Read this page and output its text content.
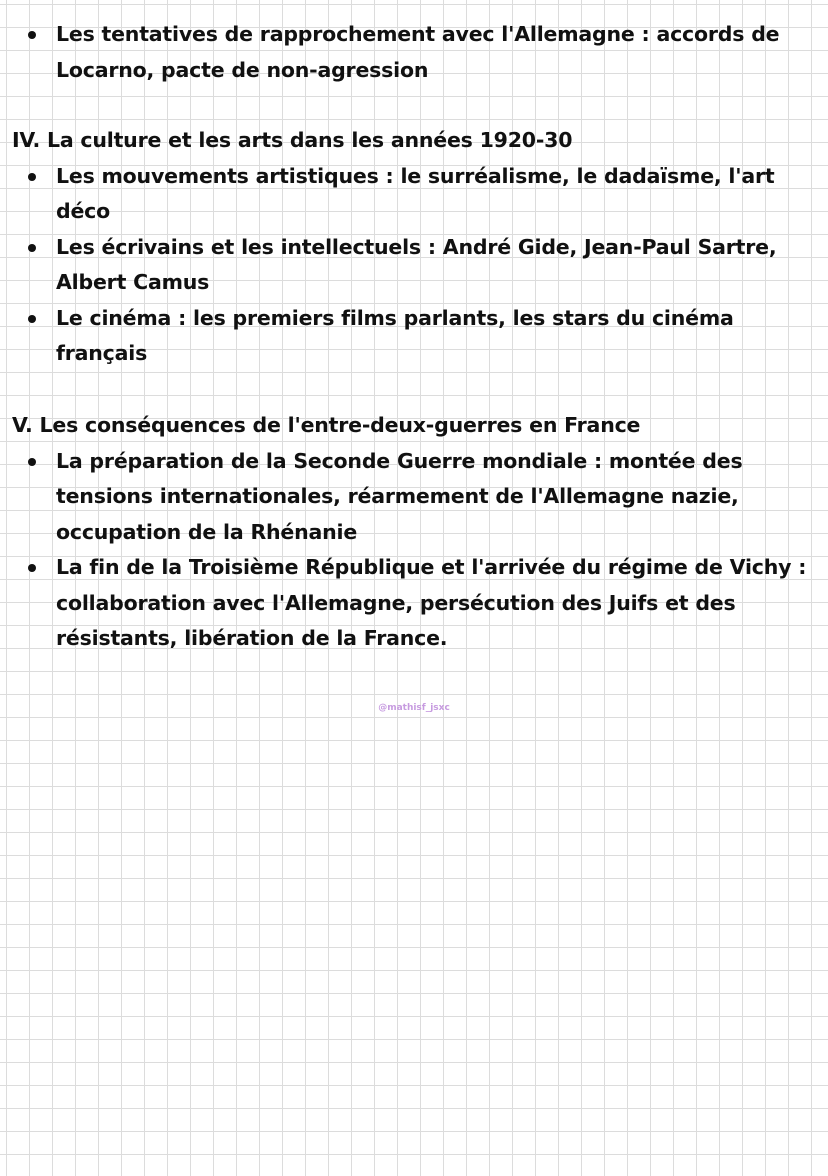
Les tentatives de rapprochement avec l'Allemagne : accords de Locarno, pacte de non-agression
IV. La culture et les arts dans les années 1920-30
Les mouvements artistiques : le surréalisme, le dadaïsme, l'art déco
Les écrivains et les intellectuels : André Gide, Jean-Paul Sartre, Albert Camus
Le cinéma : les premiers films parlants, les stars du cinéma français
V. Les conséquences de l'entre-deux-guerres en France
La préparation de la Seconde Guerre mondiale : montée des tensions internationales, réarmement de l'Allemagne nazie, occupation de la Rhénanie
La fin de la Troisième République et l'arrivée du régime de Vichy : collaboration avec l'Allemagne, persécution des Juifs et des résistants, libération de la France.
@mathisf_jsxc
